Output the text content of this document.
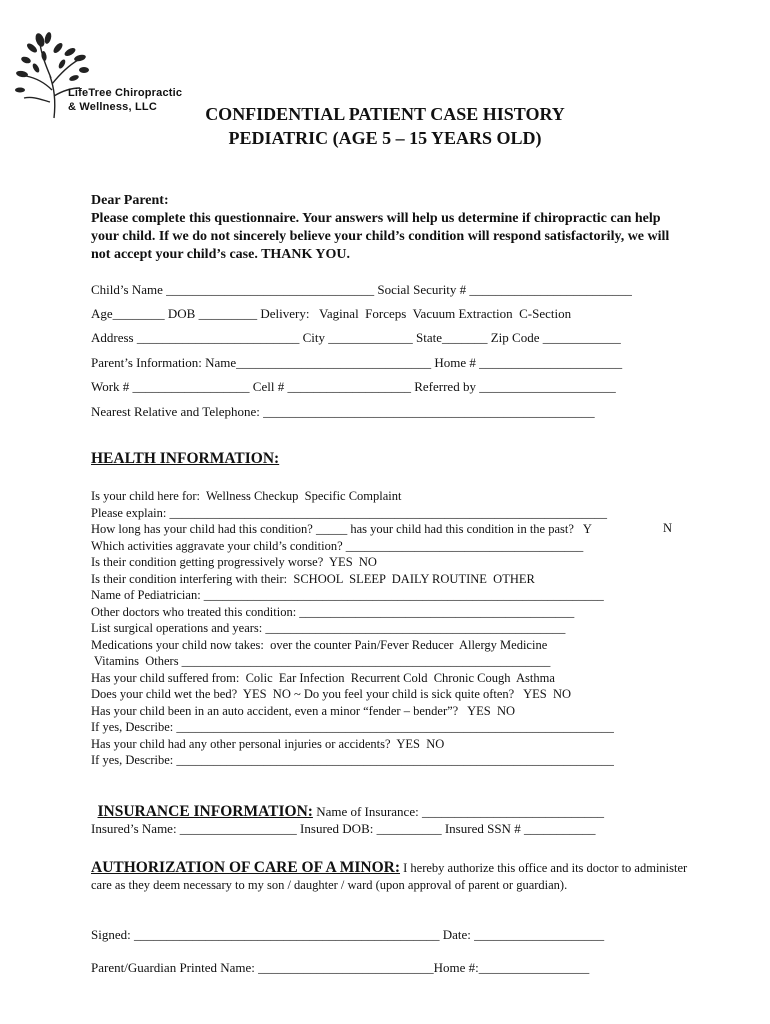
LifeTree Chiropractic
& Wellness, LLC	CONFIDENTIAL PATIENT CASE HISTORY
PEDIATRIC (AGE 5 – 15 YEARS OLD)
Dear Parent:
Please complete this questionnaire. Your answers will help us determine if chiropractic can help your child. If we do not sincerely believe your child’s condition will respond satisfactorily, we will not accept your child’s case. THANK YOU.
Child’s Name ________________________________ Social Security # _________________________
Age________ DOB _________ Delivery:   Vaginal  Forceps  Vacuum Extraction  C-Section
Address _________________________ City _____________ State_______ Zip Code ____________
Parent’s Information: Name______________________________ Home # ______________________
Work # __________________ Cell # ___________________ Referred by _____________________
Nearest Relative and Telephone: ___________________________________________________
HEALTH INFORMATION:
Is your child here for:  Wellness Checkup  Specific Complaint
Please explain: ______________________________________________________________________
How long has your child had this condition? _____ has your child had this condition in the past?   Y	N
Which activities aggravate your child’s condition? ______________________________________
Is their condition getting progressively worse?  YES  NO
Is their condition interfering with their:  SCHOOL  SLEEP  DAILY ROUTINE  OTHER
Name of Pediatrician: ________________________________________________________________
Other doctors who treated this condition: ____________________________________________
List surgical operations and years: ________________________________________________
Medications your child now takes:  over the counter Pain/Fever Reducer  Allergy Medicine
Vitamins  Others ___________________________________________________________
Has your child suffered from:  Colic  Ear Infection  Recurrent Cold  Chronic Cough  Asthma
Does your child wet the bed?  YES  NO ~ Do you feel your child is sick quite often?   YES  NO
Has your child been in an auto accident, even a minor “fender – bender”?   YES  NO
If yes, Describe: ______________________________________________________________________
Has your child had any other personal injuries or accidents?  YES  NO
If yes, Describe: ______________________________________________________________________

INSURANCE INFORMATION: Name of Insurance: ____________________________

Insured’s Name: __________________ Insured DOB: __________ Insured SSN # ___________
AUTHORIZATION OF CARE OF A MINOR: I hereby authorize this office and its doctor to administer care as they deem necessary to my son / daughter / ward (upon approval of parent or guardian).
Signed: _______________________________________________ Date: ____________________
Parent/Guardian Printed Name: ___________________________Home #:_________________
